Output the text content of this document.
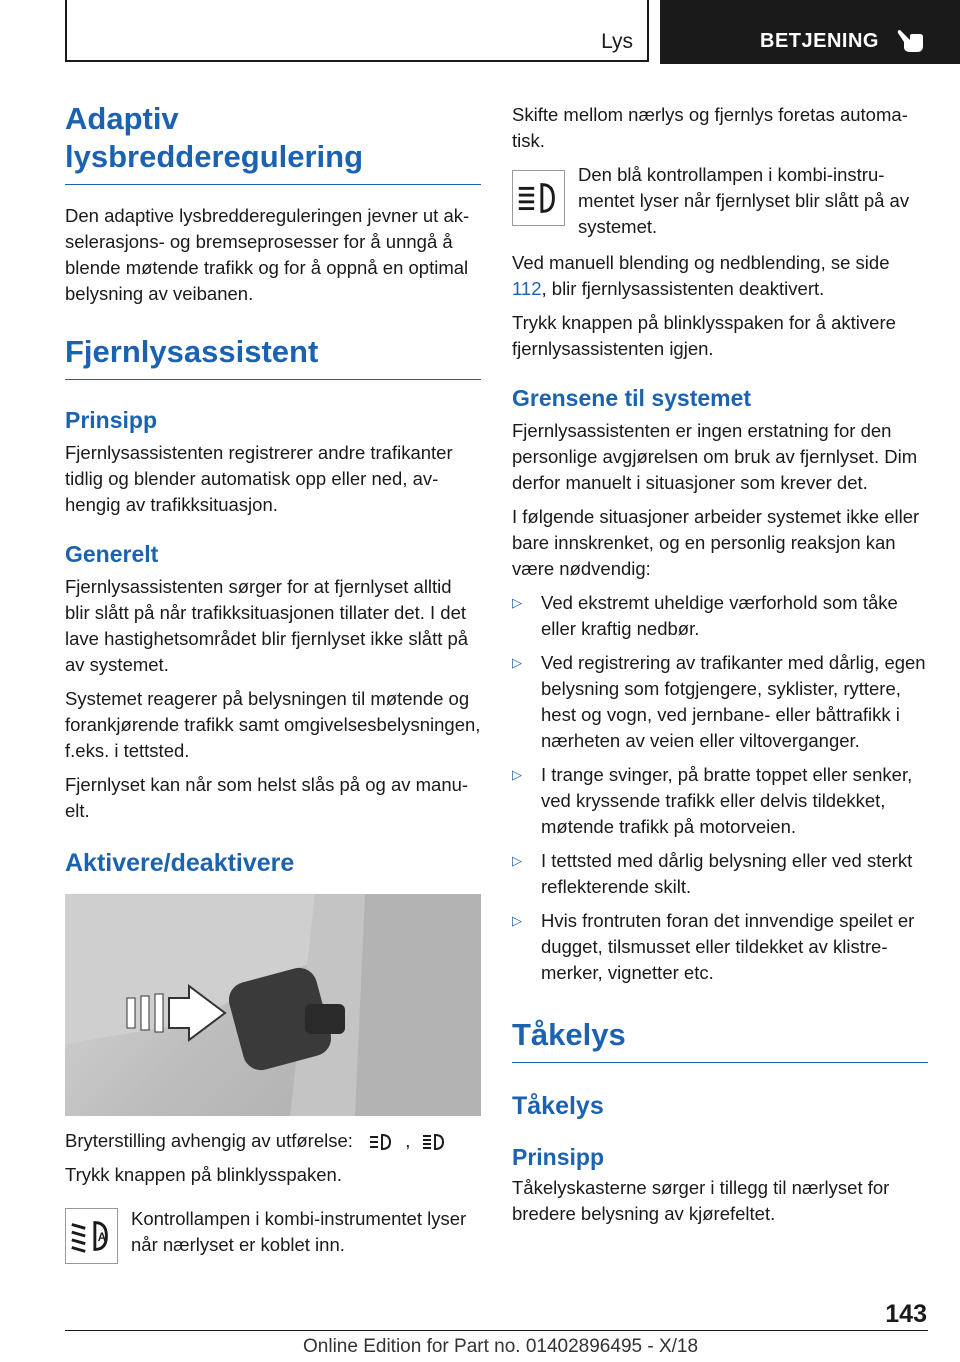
Lys	BETJENING
Adaptiv lysbredderegulering

Den adaptive lysbreddereguleringen jevner ut akselerasjons- og bremseprosesser for å unngå å blende møtende trafikk og for å oppnå en optimal belysning av veibanen.

Fjernlysassistent
Prinsipp

Fjernlysassistenten registrerer andre trafikanter tidlig og blender automatisk opp eller ned, avhengig av trafikksituasjon.

Generelt

Fjernlysassistenten sørger for at fjernlyset alltid blir slått på når trafikksituasjonen tillater det. I det lave hastighetsområdet blir fjernlyset ikke slått på av systemet.

Systemet reagerer på belysningen til møtende og forankjørende trafikk samt omgivelsesbelysningen, f.eks. i tettsted.

Fjernlyset kan når som helst slås på og av manuelt.

Aktivere/deaktivere

Bryterstilling avhengig av utførelse:	,

Trykk knappen på blinklysspaken.

A

Kontrollampen i kombi-instrumentet lyser når nærlyset er koblet inn.

Skifte mellom nærlys og fjernlys foretas automatisk.

Den blå kontrollampen i kombi-instrumentet lyser når fjernlyset blir slått på av systemet.

Ved manuell blending og nedblending, se side 112, blir fjernlysassistenten deaktivert.

Trykk knappen på blinklysspaken for å aktivere fjernlysassistenten igjen.

Grensene til systemet

Fjernlysassistenten er ingen erstatning for den personlige avgjørelsen om bruk av fjernlyset. Dim derfor manuelt i situasjoner som krever det.

I følgende situasjoner arbeider systemet ikke eller bare innskrenket, og en personlig reaksjon kan være nødvendig:

▷ Ved ekstremt uheldige værforhold som tåke eller kraftig nedbør.
▷ Ved registrering av trafikanter med dårlig, egen belysning som fotgjengere, syklister, ryttere, hest og vogn, ved jernbane- eller båttrafikk i nærheten av veien eller viltoverganger.
▷ I trange svinger, på bratte toppet eller senker, ved kryssende trafikk eller delvis tildekket, møtende trafikk på motorveien.
▷ I tettsted med dårlig belysning eller ved sterkt reflekterende skilt.
▷ Hvis frontruten foran det innvendige speilet er dugget, tilsmusset eller tildekket av klistremerker, vignetter etc.
Tåkelys
Tåkelys
Prinsipp

Tåkelyskasterne sørger i tillegg til nærlyset for bredere belysning av kjørefeltet.

143
Online Edition for Part no. 01402896495 - X/18
